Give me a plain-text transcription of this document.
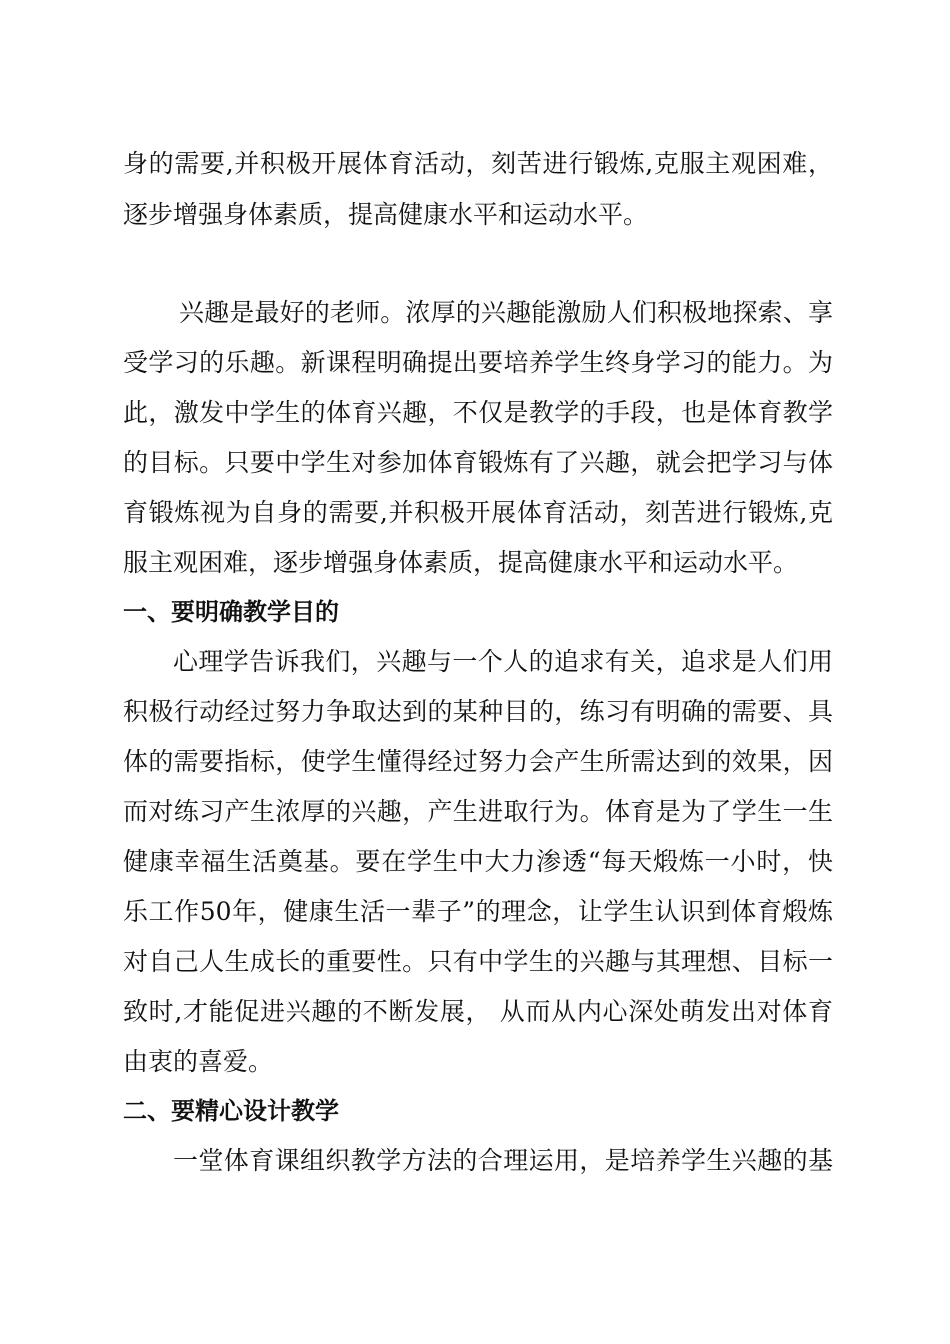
身的需要,并积极开展体育活动，刻苦进行锻炼,克服主观困难，
逐步增强身体素质，提高健康水平和运动水平。
兴趣是最好的老师。浓厚的兴趣能激励人们积极地探索、享
受学习的乐趣。新课程明确提出要培养学生终身学习的能力。为
此，激发中学生的体育兴趣，不仅是教学的手段，也是体育教学
的目标。只要中学生对参加体育锻炼有了兴趣，就会把学习与体
育锻炼视为自身的需要,并积极开展体育活动，刻苦进行锻炼,克
服主观困难，逐步增强身体素质，提高健康水平和运动水平。
一、要明确教学目的
心理学告诉我们，兴趣与一个人的追求有关，追求是人们用
积极行动经过努力争取达到的某种目的，练习有明确的需要、具
体的需要指标，使学生懂得经过努力会产生所需达到的效果，因
而对练习产生浓厚的兴趣，产生进取行为。体育是为了学生一生
健康幸福生活奠基。要在学生中大力渗透“每天煅炼一小时，快
乐工作50年，健康生活一辈子”的理念，让学生认识到体育煅炼
对自己人生成长的重要性。只有中学生的兴趣与其理想、目标一
致时,才能促进兴趣的不断发展， 从而从内心深处萌发出对体育
由衷的喜爱。
二、要精心设计教学
一堂体育课组织教学方法的合理运用，是培养学生兴趣的基
